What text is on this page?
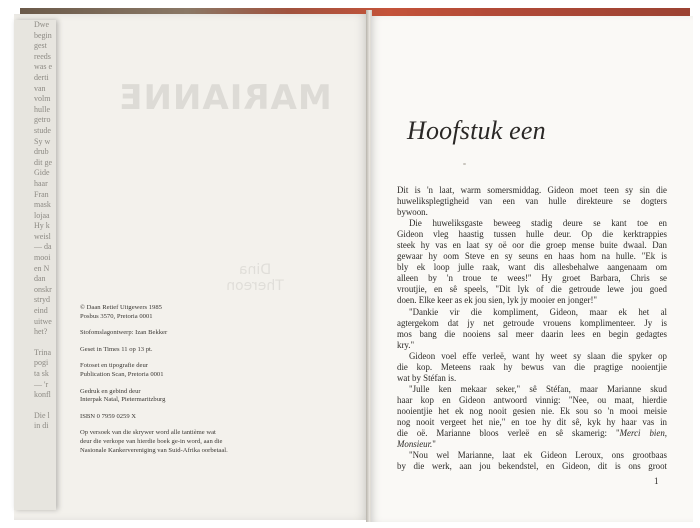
Dwe
begin
gest
reeds
was e
derti
van
volm
hulle
getro
stude
Sy w
drub
dit ge
Gide
haar
Fran
mask
lojaa
Hy k
weisl
— da
mooi
en N
dan
onskr
stryd
eind
uitwe
het?
Trina
pogi
ta sk
— 'r
konfl
Die l
in di
MARIANNE
Dina Thereon
© Daan Retief Uitgewers 1985
Posbus 3570, Pretoria 0001
Stofomslagontwerp: Izan Bekker
Geset in Times 11 op 13 pt.
Fotoset en tipografie deur
Publication Scan, Pretoria 0001
Gedruk en gebind deur
Interpak Natal, Pietermaritzburg
ISBN 0 7959 0259 X
Op versoek van die skrywer word alle tantième wat
deur die verkope van hierdie boek ge-in word, aan die
Nasionale Kankervereniging van Suid-Afrika oorbetaal.
Hoofstuk een
Dit is 'n laat, warm somersmiddag. Gideon moet teen sy sin die
huweliksplegtigheid van een van hulle direkteure se dogters
bywoon.
Die huweliksgaste beweeg stadig deure se kant toe en
Gideon vleg haastig tussen hulle deur. Op die kerktrappies
steek hy vas en laat sy oë oor die groep mense buite dwaal. Dan
gewaar hy oom Steve en sy seuns en haas hom na hulle. "Ek is
bly ek loop julle raak, want dis allesbehalwe aangenaam om
alleen by 'n troue te wees!" Hy groet Barbara, Chris se
vroutjie, en sê speels, "Dit lyk of die getroude lewe jou goed
doen. Elke keer as ek jou sien, lyk jy mooier en jonger!"
"Dankie vir die kompliment, Gideon, maar ek het al
agtergekom dat jy net getroude vrouens komplimenteer. Jy is
mos bang die nooiens sal meer daarin lees en begin gedagtes
kry."
Gideon voel effe verleë, want hy weet sy slaan die spyker op
die kop. Meteens raak hy bewus van die pragtige nooientjie
wat by Stéfan is.
"Julle ken mekaar seker," sê Stéfan, maar Marianne skud
haar kop en Gideon antwoord vinnig: "Nee, ou maat, hierdie
nooientjie het ek nog nooit gesien nie. Ek sou so 'n mooi meisie
nog nooit vergeet het nie," en toe hy dit sê, kyk hy haar vas in
die oë. Marianne bloos verleë en sê skamerig: "Merci bien,
Monsieur."
"Nou wel Marianne, laat ek Gideon Leroux, ons grootbaas
by die werk, aan jou bekendstel, en Gideon, dit is ons groot
1
